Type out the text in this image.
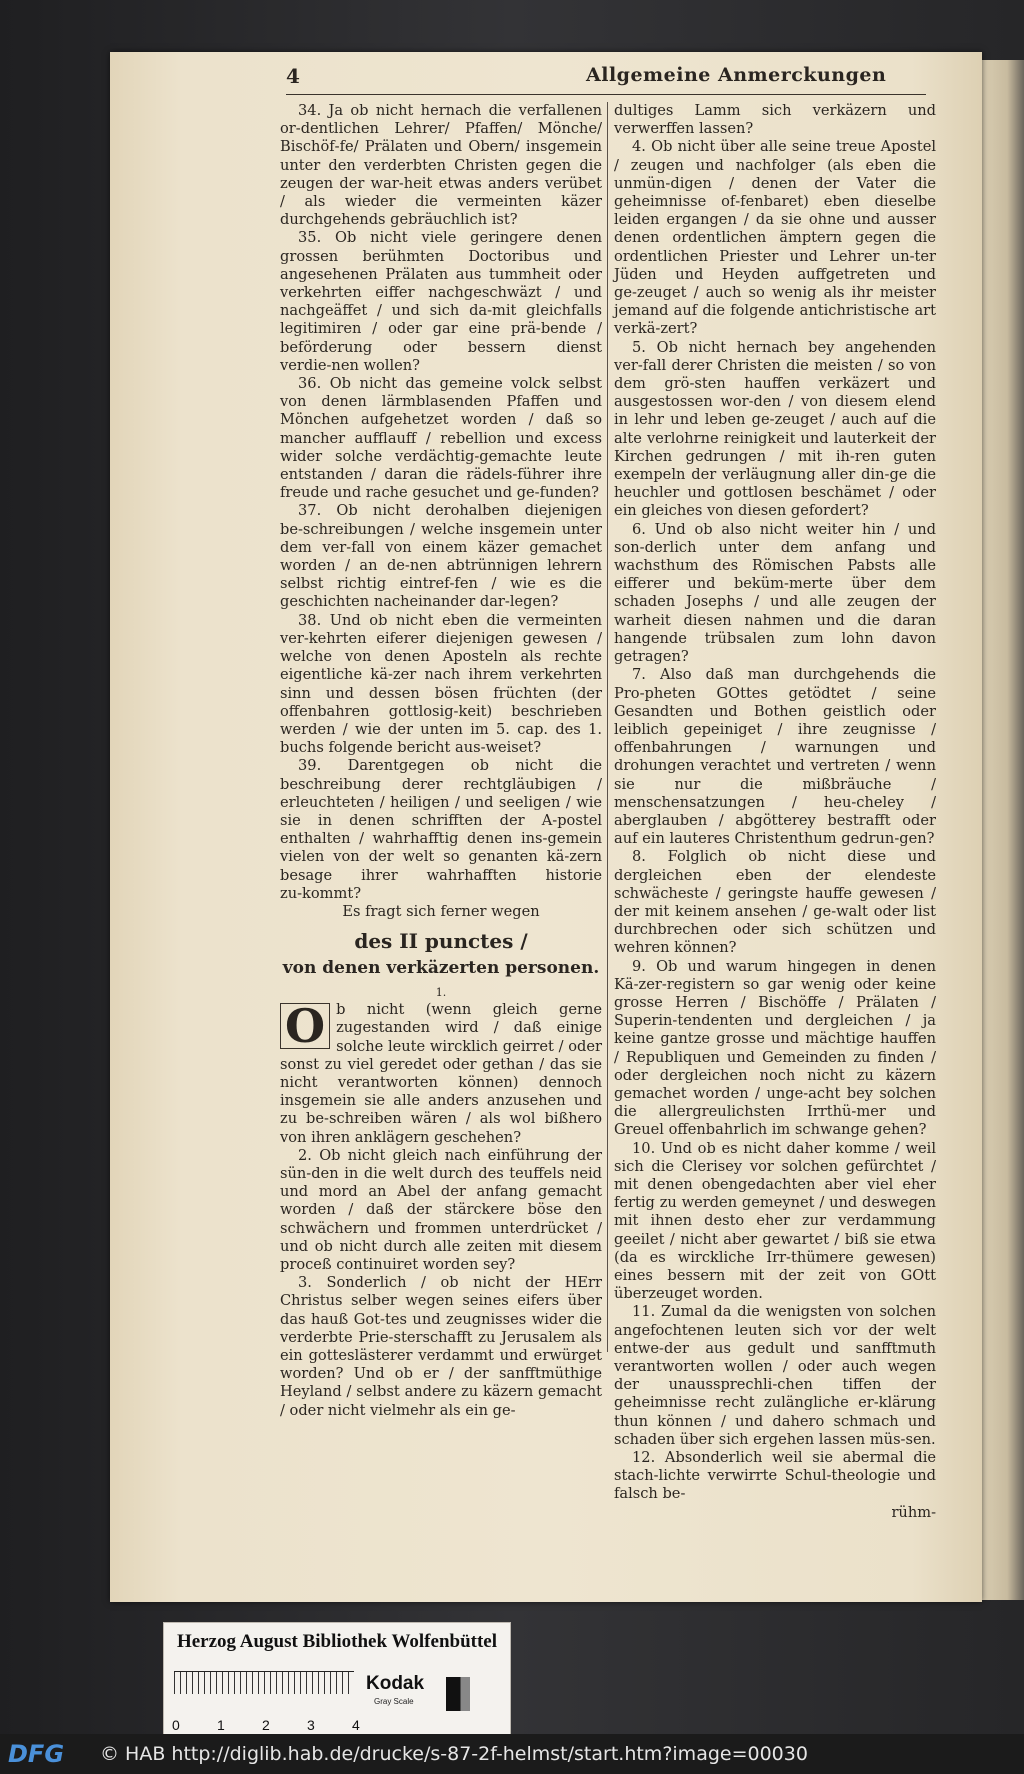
4	Allgemeine Anmerckungen

34. Ja ob nicht hernach die verfallenen or‑dentlichen Lehrer/ Pfaffen/ Mönche/ Bischöf‑fe/ Prälaten und Obern/ insgemein unter den verderbten Christen gegen die zeugen der war‑heit etwas anders verübet / als wieder die vermeinten käzer durchgehends gebräuchlich ist?

35. Ob nicht viele geringere denen grossen berühmten Doctoribus und angesehenen Prälaten aus tummheit oder verkehrten eiffer nachgeschwäzt / und nachgeäffet / und sich da‑mit gleichfalls legitimiren / oder gar eine prä‑bende / beförderung oder bessern dienst verdie‑nen wollen?

36. Ob nicht das gemeine volck selbst von denen lärmblasenden Pfaffen und Mönchen aufgehetzet worden / daß so mancher aufflauff / rebellion und excess wider solche verdächtig‑gemachte leute entstanden / daran die rädels‑führer ihre freude und rache gesuchet und ge‑funden?

37. Ob nicht derohalben diejenigen be‑schreibungen / welche insgemein unter dem ver‑fall von einem käzer gemachet worden / an de‑nen abtrünnigen lehrern selbst richtig eintref‑fen / wie es die geschichten nacheinander dar‑legen?

38. Und ob nicht eben die vermeinten ver‑kehrten eiferer diejenigen gewesen / welche von denen Aposteln als rechte eigentliche kä‑zer nach ihrem verkehrten sinn und dessen bösen früchten (der offenbahren gottlosig‑keit) beschrieben werden / wie der unten im 5. cap. des 1. buchs folgende bericht aus‑weiset?

39. Darentgegen ob nicht die beschreibung derer rechtgläubigen / erleuchteten / heiligen / und seeligen / wie sie in denen schrifften der A‑postel enthalten / wahrhafftig denen ins‑gemein vielen von der welt so genanten kä‑zern besage ihrer wahrhafften historie zu‑kommt?

Es fragt sich ferner wegen

des II punctes /

von denen verkäzerten personen.

1.

O b nicht (wenn gleich gerne zugestanden wird / daß einige solche leute wircklich geirret / oder sonst zu viel geredet oder gethan / das sie nicht verantworten können) dennoch insgemein sie alle anders anzusehen und zu be‑schreiben wären / als wol bißhero von ihren anklägern geschehen?

2. Ob nicht gleich nach einführung der sün‑den in die welt durch des teuffels neid und mord an Abel der anfang gemacht worden / daß der stärckere böse den schwächern und frommen unterdrücket / und ob nicht durch alle zeiten mit diesem proceß continuiret worden sey?

3. Sonderlich / ob nicht der HErr Christus selber wegen seines eifers über das hauß Got‑tes und zeugnisses wider die verderbte Prie‑sterschafft zu Jerusalem als ein gotteslästerer verdammt und erwürget worden? Und ob er / der sanfftmüthige Heyland / selbst andere zu käzern gemacht / oder nicht vielmehr als ein ge‑

dultiges Lamm sich verkäzern und verwerffen lassen?

4. Ob nicht über alle seine treue Apostel / zeugen und nachfolger (als eben die unmün‑digen / denen der Vater die geheimnisse of‑fenbaret) eben dieselbe leiden ergangen / da sie ohne und ausser denen ordentlichen ämptern gegen die ordentlichen Priester und Lehrer un‑ter Jüden und Heyden auffgetreten und ge‑zeuget / auch so wenig als ihr meister jemand auf die folgende antichristische art verkä‑zert?

5. Ob nicht hernach bey angehenden ver‑fall derer Christen die meisten / so von dem grö‑sten hauffen verkäzert und ausgestossen wor‑den / von diesem elend in lehr und leben ge‑zeuget / auch auf die alte verlohrne reinigkeit und lauterkeit der Kirchen gedrungen / mit ih‑ren guten exempeln der verläugnung aller din‑ge die heuchler und gottlosen beschämet / oder ein gleiches von diesen gefordert?

6. Und ob also nicht weiter hin / und son‑derlich unter dem anfang und wachsthum des Römischen Pabsts alle eifferer und beküm‑merte über dem schaden Josephs / und alle zeugen der warheit diesen nahmen und die daran hangende trübsalen zum lohn davon getragen?

7. Also daß man durchgehends die Pro‑pheten GOttes getödtet / seine Gesandten und Bothen geistlich oder leiblich gepeiniget / ihre zeugnisse / offenbahrungen / warnungen und drohungen verachtet und vertreten / wenn sie nur die mißbräuche / menschensatzungen / heu‑cheley / aberglauben / abgötterey bestrafft oder auf ein lauteres Christenthum gedrun‑gen?

8. Folglich ob nicht diese und dergleichen eben der elendeste schwächeste / geringste hauffe gewesen / der mit keinem ansehen / ge‑walt oder list durchbrechen oder sich schützen und wehren können?

9. Ob und warum hingegen in denen Kä‑zer‑registern so gar wenig oder keine grosse Herren / Bischöffe / Prälaten / Superin‑tendenten und dergleichen / ja keine gantze grosse und mächtige hauffen / Republiquen und Gemeinden zu finden / oder dergleichen noch nicht zu käzern gemachet worden / unge‑acht bey solchen die allergreulichsten Irrthü‑mer und Greuel offenbahrlich im schwange gehen?

10. Und ob es nicht daher komme / weil sich die Clerisey vor solchen gefürchtet / mit denen obengedachten aber viel eher fertig zu werden gemeynet / und deswegen mit ihnen desto eher zur verdammung geeilet / nicht aber gewartet / biß sie etwa (da es wirckliche Irr‑thümere gewesen) eines bessern mit der zeit von GOtt überzeuget worden.

11. Zumal da die wenigsten von solchen angefochtenen leuten sich vor der welt entwe‑der aus gedult und sanfftmuth verantworten wollen / oder auch wegen der unaussprechli‑chen tiffen der geheimnisse recht zulängliche er‑klärung thun können / und dahero schmach und schaden über sich ergehen lassen müs‑sen.

12. Absonderlich weil sie abermal die stach‑lichte verwirrte Schul‑theologie und falsch be‑

rühm‑

Herzog August Bibliothek Wolfenbüttel
0	1	2	3	4
Kodak
Gray Scale
DFG © HAB http://diglib.hab.de/drucke/s-87-2f-helmst/start.htm?image=00030
